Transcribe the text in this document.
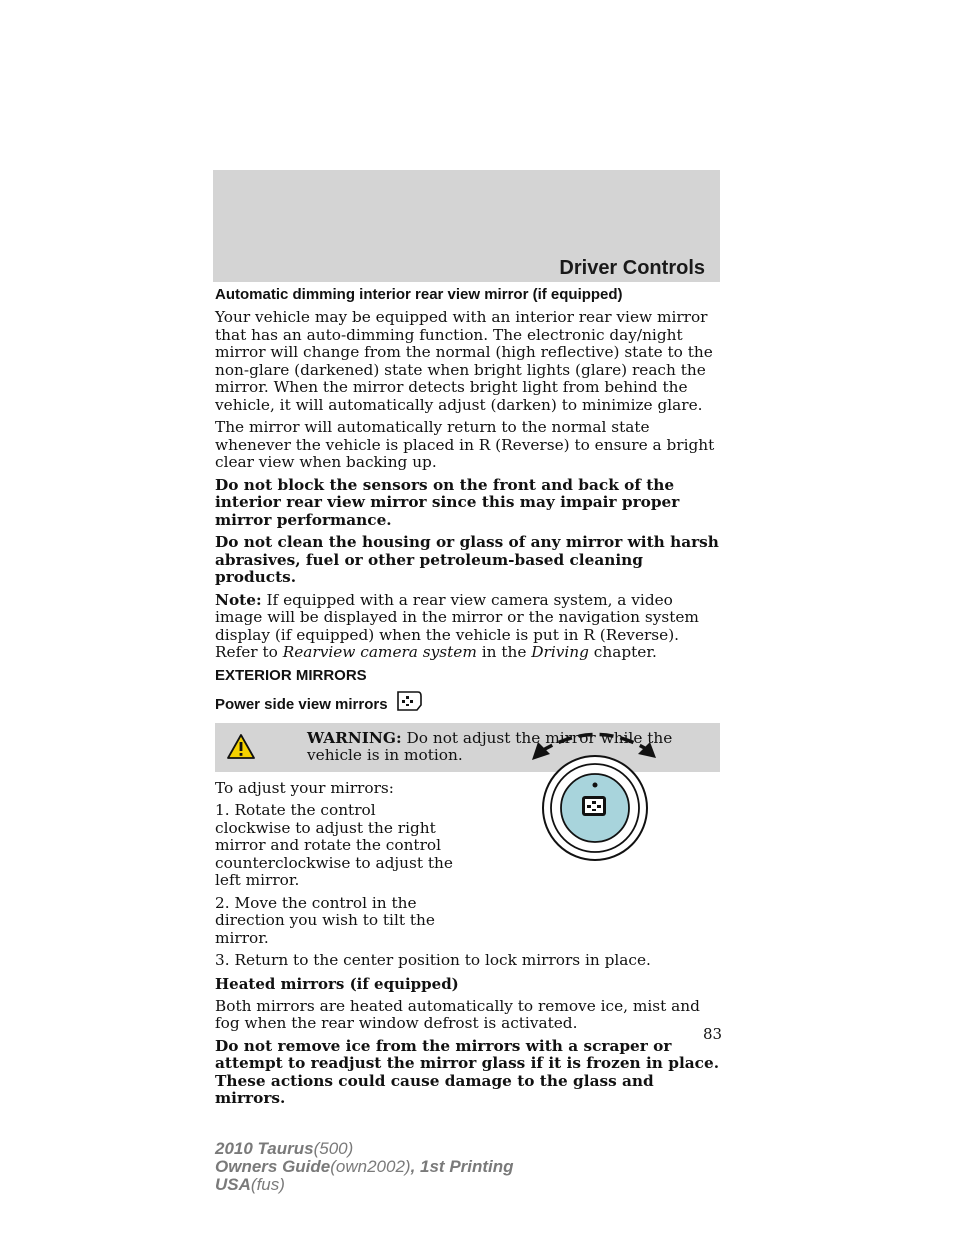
Driver Controls
Automatic dimming interior rear view mirror (if equipped)

Your vehicle may be equipped with an interior rear view mirror that has an auto-dimming function. The electronic day/night mirror will change from the normal (high reflective) state to the non-glare (darkened) state when bright lights (glare) reach the mirror. When the mirror detects bright light from behind the vehicle, it will automatically adjust (darken) to minimize glare.

The mirror will automatically return to the normal state whenever the vehicle is placed in R (Reverse) to ensure a bright clear view when backing up.

Do not block the sensors on the front and back of the interior rear view mirror since this may impair proper mirror performance.

Do not clean the housing or glass of any mirror with harsh abrasives, fuel or other petroleum-based cleaning products.

Note: If equipped with a rear view camera system, a video image will be displayed in the mirror or the navigation system display (if equipped) when the vehicle is put in R (Reverse). Refer to Rearview camera system in the Driving chapter.

EXTERIOR MIRRORS
Power side view mirrors
WARNING: Do not adjust the mirror while the vehicle is in motion.

To adjust your mirrors:

1. Rotate the control clockwise to adjust the right mirror and rotate the control counterclockwise to adjust the left mirror.

2. Move the control in the direction you wish to tilt the mirror.

3. Return to the center position to lock mirrors in place.

Heated mirrors (if equipped)

Both mirrors are heated automatically to remove ice, mist and fog when the rear window defrost is activated.

Do not remove ice from the mirrors with a scraper or attempt to readjust the mirror glass if it is frozen in place. These actions could cause damage to the glass and mirrors.

83
2010 Taurus(500)
Owners Guide(own2002), 1st Printing
USA(fus)
